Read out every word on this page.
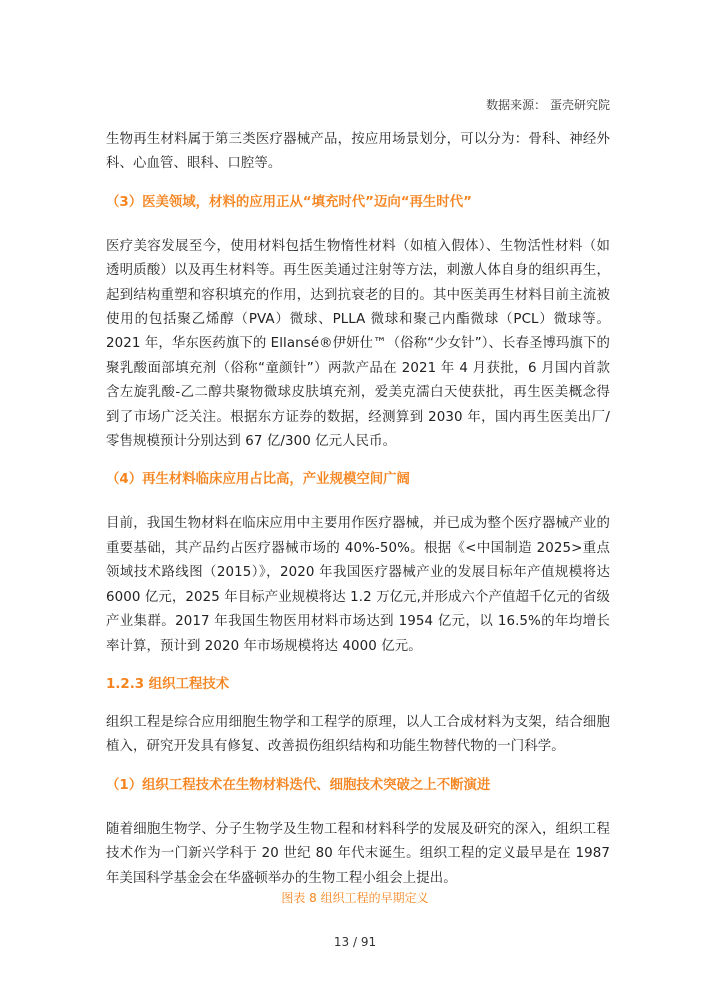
数据来源： 蛋壳研究院

生物再生材料属于第三类医疗器械产品，按应用场景划分，可以分为：骨科、神经外科、心血管、眼科、口腔等。

（3）医美领域，材料的应用正从“填充时代”迈向“再生时代”

医疗美容发展至今，使用材料包括生物惰性材料（如植入假体）、生物活性材料（如透明质酸）以及再生材料等。再生医美通过注射等方法，刺激人体自身的组织再生，起到结构重塑和容积填充的作用，达到抗衰老的目的。其中医美再生材料目前主流被使用的包括聚乙烯醇（PVA）微球、PLLA 微球和聚己内酯微球（PCL）微球等。2021 年，华东医药旗下的 Ellansé®伊妍仕™（俗称“少女针”）、长春圣博玛旗下的聚乳酸面部填充剂（俗称“童颜针”）两款产品在 2021 年 4 月获批，6 月国内首款含左旋乳酸-乙二醇共聚物微球皮肤填充剂，爱美克濡白天使获批，再生医美概念得到了市场广泛关注。根据东方证券的数据，经测算到 2030 年，国内再生医美出厂/零售规模预计分别达到 67 亿/300 亿元人民币。

（4）再生材料临床应用占比高，产业规模空间广阔

目前，我国生物材料在临床应用中主要用作医疗器械，并已成为整个医疗器械产业的重要基础，其产品约占医疗器械市场的 40%-50%。根据《<中国制造 2025>重点领域技术路线图（2015）》，2020 年我国医疗器械产业的发展目标年产值规模将达 6000 亿元，2025 年目标产业规模将达 1.2 万亿元,并形成六个产值超千亿元的省级产业集群。2017 年我国生物医用材料市场达到 1954 亿元，以 16.5%的年均增长率计算，预计到 2020 年市场规模将达 4000 亿元。

1.2.3 组织工程技术

组织工程是综合应用细胞生物学和工程学的原理，以人工合成材料为支架，结合细胞植入，研究开发具有修复、改善损伤组织结构和功能生物替代物的一门科学。

（1）组织工程技术在生物材料迭代、细胞技术突破之上不断演进

随着细胞生物学、分子生物学及生物工程和材料科学的发展及研究的深入，组织工程技术作为一门新兴学科于 20 世纪 80 年代末诞生。组织工程的定义最早是在 1987 年美国科学基金会在华盛顿举办的生物工程小组会上提出。

图表 8 组织工程的早期定义
13 / 91
